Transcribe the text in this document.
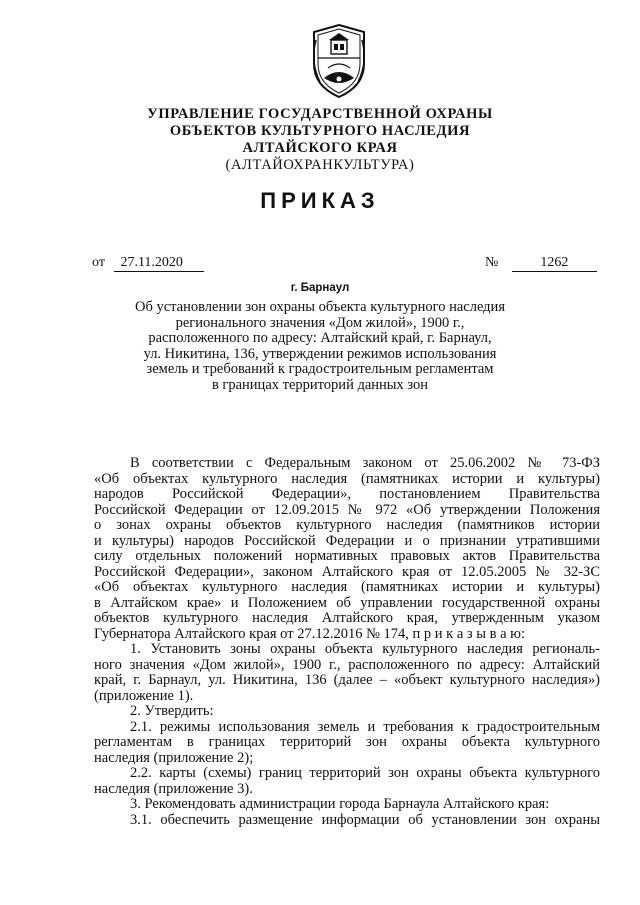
УПРАВЛЕНИЕ ГОСУДАРСТВЕННОЙ ОХРАНЫ
ОБЪЕКТОВ КУЛЬТУРНОГО НАСЛЕДИЯ
АЛТАЙСКОГО КРАЯ
(АЛТАЙОХРАНКУЛЬТУРА)
ПРИКАЗ
от 27.11.2020	№	1262
г. Барнаул
Об установлении зон охраны объекта культурного наследия
регионального значения «Дом жилой», 1900 г.,
расположенного по адресу: Алтайский край, г. Барнаул,
ул. Никитина, 136, утверждении режимов использования
земель и требований к градостроительным регламентам
в границах территорий данных зон
В соответствии с Федеральным законом от 25.06.2002 № 73-ФЗ
«Об объектах культурного наследия (памятниках истории и культуры)
народов Российской Федерации», постановлением Правительства
Российской Федерации от 12.09.2015 № 972 «Об утверждении Положения
о зонах охраны объектов культурного наследия (памятников истории
и культуры) народов Российской Федерации и о признании утратившими
силу отдельных положений нормативных правовых актов Правительства
Российской Федерации», законом Алтайского края от 12.05.2005 № 32-ЗС
«Об объектах культурного наследия (памятниках истории и культуры)
в Алтайском крае» и Положением об управлении государственной охраны
объектов культурного наследия Алтайского края, утвержденным указом
Губернатора Алтайского края от 27.12.2016 № 174, п р и к а з ы в а ю:
1. Установить зоны охраны объекта культурного наследия региональ-
ного значения «Дом жилой», 1900 г., расположенного по адресу: Алтайский
край, г. Барнаул, ул. Никитина, 136 (далее – «объект культурного наследия»)
(приложение 1).
2. Утвердить:
2.1. режимы использования земель и требования к градостроительным
регламентам в границах территорий зон охраны объекта культурного
наследия (приложение 2);
2.2. карты (схемы) границ территорий зон охраны объекта культурного
наследия (приложение 3).
3. Рекомендовать администрации города Барнаула Алтайского края:
3.1. обеспечить размещение информации об установлении зон охраны
